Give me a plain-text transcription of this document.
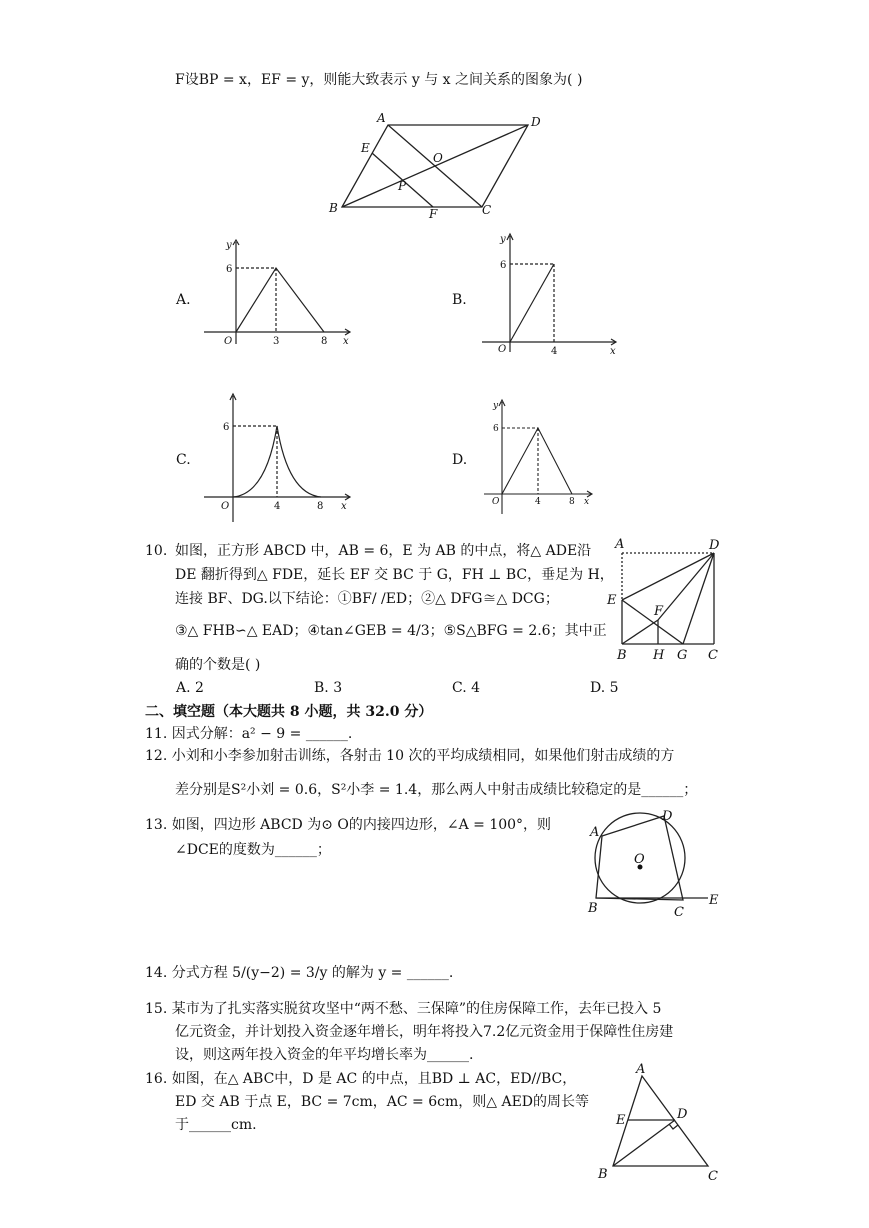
F设BP = x，EF = y，则能大致表示 y 与 x 之间关系的图象为( )
A	D
E
O
P
B	F	C
A.
y
6
O	3	8 x
B.
y
6
O	4	x
C.
6
O	4	8 x
D.
y
6
O	4	8 x
10. 如图，正方形 ABCD 中，AB = 6，E 为 AB 的中点，将△ ADE沿
DE 翻折得到△ FDE，延长 EF 交 BC 于 G，FH ⊥ BC，垂足为 H，
连接 BF、DG.以下结论：①BF/ /ED；②△ DFG≅△ DCG；
③△ FHB∽△ EAD；④tan∠GEB = 4/3；⑤S△BFG = 2.6；其中正
确的个数是( )
A. 2	B. 3	C. 4	D. 5
A	D
E
F
B H G C
二、填空题（本大题共 8 小题，共 32.0 分）
11. 因式分解：a² − 9 = ______.
12. 小刘和小李参加射击训练，各射击 10 次的平均成绩相同，如果他们射击成绩的方
差分别是S²小刘 = 0.6，S²小李 = 1.4，那么两人中射击成绩比较稳定的是______；
13. 如图，四边形 ABCD 为⊙ O的内接四边形，∠A = 100°，则
∠DCE的度数为______；
A
D
O
B	C
E
14. 分式方程 5/(y−2) = 3/y 的解为 y = ______.
15. 某市为了扎实落实脱贫攻坚中“两不愁、三保障”的住房保障工作，去年已投入 5
亿元资金，并计划投入资金逐年增长，明年将投入7.2亿元资金用于保障性住房建
设，则这两年投入资金的年平均增长率为______.
16. 如图，在△ ABC中，D 是 AC 的中点，且BD ⊥ AC，ED//BC，
ED 交 AB 于点 E，BC = 7cm，AC = 6cm，则△ AED的周长等
于______cm.
A
E	D
B	C
